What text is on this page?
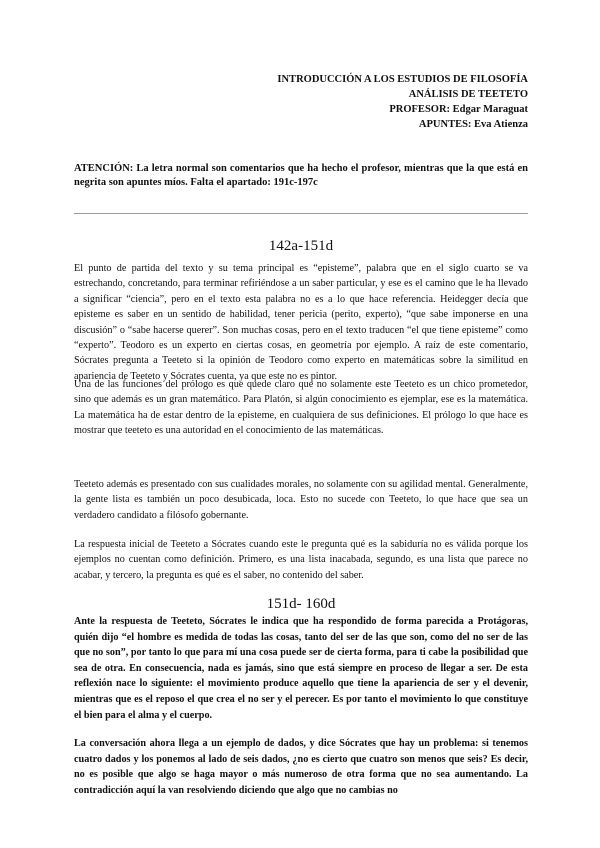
INTRODUCCIÓN A LOS ESTUDIOS DE FILOSOFÍA
ANÁLISIS DE TEETETO
PROFESOR: Edgar Maraguat
APUNTES: Eva Atienza
ATENCIÓN: La letra normal son comentarios que ha hecho el profesor, mientras que la que está en negrita son apuntes míos. Falta el apartado: 191c-197c
142a-151d

El punto de partida del texto y su tema principal es “episteme”, palabra que en el siglo cuarto se va estrechando, concretando, para terminar refiriéndose a un saber particular, y ese es el camino que le ha llevado a significar “ciencia”, pero en el texto esta palabra no es a lo que hace referencia. Heidegger decía que episteme es saber en un sentido de habilidad, tener pericia (perito, experto), “que sabe imponerse en una discusión” o “sabe hacerse querer”. Son muchas cosas, pero en el texto traducen “el que tiene episteme” como “experto”. Teodoro es un experto en ciertas cosas, en geometría por ejemplo. A raíz de este comentario, Sócrates pregunta a Teeteto si la opinión de Teodoro como experto en matemáticas sobre la similitud en apariencia de Teeteto y Sócrates cuenta, ya que este no es pintor.

Una de las funciones del prólogo es que quede claro que no solamente este Teeteto es un chico prometedor, sino que además es un gran matemático. Para Platón, si algún conocimiento es ejemplar, ese es la matemática. La matemática ha de estar dentro de la episteme, en cualquiera de sus definiciones. El prólogo lo que hace es mostrar que teeteto es una autoridad en el conocimiento de las matemáticas.

Teeteto además es presentado con sus cualidades morales, no solamente con su agilidad mental. Generalmente, la gente lista es también un poco desubicada, loca. Esto no sucede con Teeteto, lo que hace que sea un verdadero candidato a filósofo gobernante.

La respuesta inicial de Teeteto a Sócrates cuando este le pregunta qué es la sabiduría no es válida porque los ejemplos no cuentan como definición. Primero, es una lista inacabada, segundo, es una lista que parece no acabar, y tercero, la pregunta es qué es el saber, no contenido del saber.

151d- 160d

Ante la respuesta de Teeteto, Sócrates le indica que ha respondido de forma parecida a Protágoras, quién dijo “el hombre es medida de todas las cosas, tanto del ser de las que son, como del no ser de las que no son”, por tanto lo que para mí una cosa puede ser de cierta forma, para ti cabe la posibilidad que sea de otra. En consecuencia, nada es jamás, sino que está siempre en proceso de llegar a ser. De esta reflexión nace lo siguiente: el movimiento produce aquello que tiene la apariencia de ser y el devenir, mientras que es el reposo el que crea el no ser y el perecer. Es por tanto el movimiento lo que constituye el bien para el alma y el cuerpo.

La conversación ahora llega a un ejemplo de dados, y dice Sócrates que hay un problema: si tenemos cuatro dados y los ponemos al lado de seis dados, ¿no es cierto que cuatro son menos que seis? Es decir, no es posible que algo se haga mayor o más numeroso de otra forma que no sea aumentando. La contradicción aquí la van resolviendo diciendo que algo que no cambias no
